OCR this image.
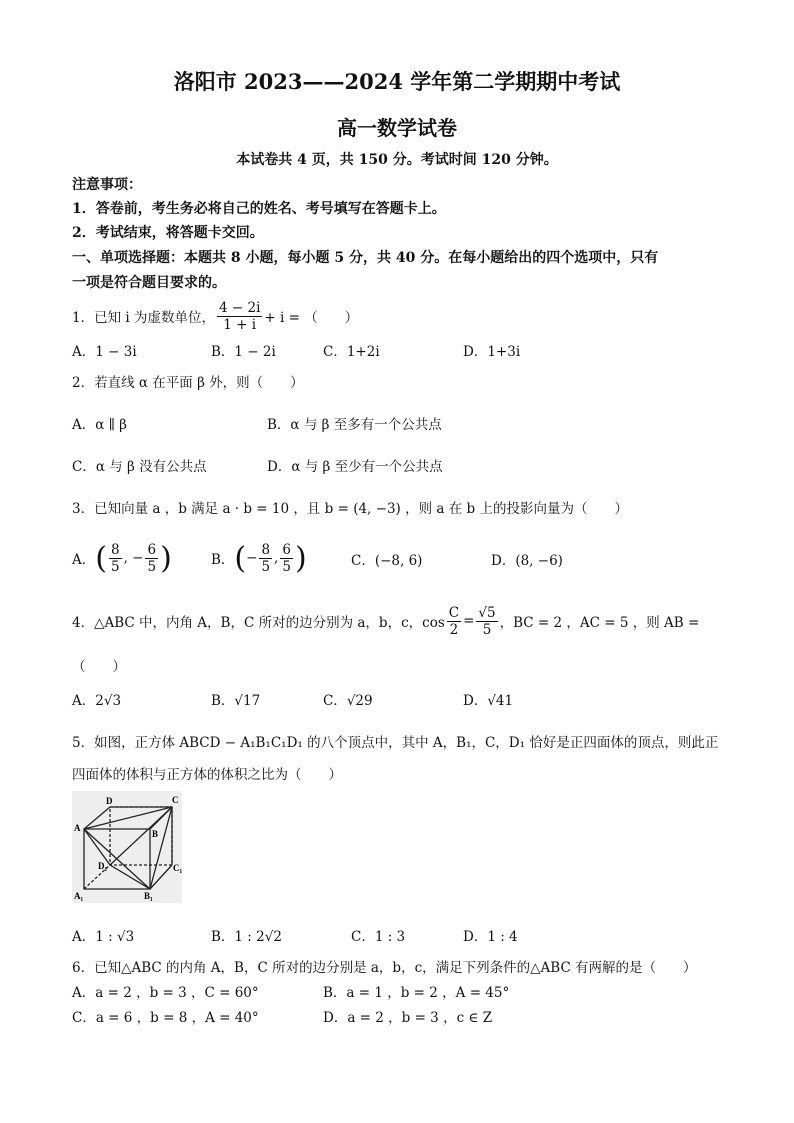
洛阳市 2023——2024 学年第二学期期中考试
高一数学试卷
本试卷共 4 页，共 150 分。考试时间 120 分钟。
注意事项：
1．答卷前，考生务必将自己的姓名、考号填写在答题卡上。
2．考试结束，将答题卡交回。
一、单项选择题：本题共 8 小题，每小题 5 分，共 40 分。在每小题给出的四个选项中，只有
一项是符合题目要求的。
1．已知 i 为虚数单位， $\frac{4 - 2i}{1 + i} + i$ = （　　）
A．1 − 3i	B．1 − 2i	C．1+2i	D．1+3i
2．若直线 α 在平面 β 外，则（　　）
A．α ∥ β	B．α 与 β 至多有一个公共点
C．α 与 β 没有公共点	D．α 与 β 至少有一个公共点
3．已知向量 a ，b 满足 a · b = 10 ，且 b = (4, −3) ，则 a 在 b 上的投影向量为（　　）
A． ( $\frac{8}{5}$ , − $\frac{6}{5}$ )	B． ( − $\frac{8}{5}$ , $\frac{6}{5}$ )	C．(−8, 6)	D．(8, −6)
4．△ABC 中，内角 A，B，C 所对的边分别为 a，b，c，$\cos \frac{C}{2} = \frac{√5}{5}$ ，BC = 2 ，AC = 5 ，则 AB =
（　　）
A．2√3	B．√17	C．√29	D．√41
5．如图，正方体 ABCD − A₁B₁C₁D₁ 的八个顶点中，其中 A，B₁，C，D₁ 恰好是正四面体的顶点，则此正
四面体的体积与正方体的体积之比为（　　）
D	C
A
B
D₁	C₁
A₁	B₁
A．1 : √3	B．1 : 2√2	C．1 : 3	D．1 : 4
6．已知△ABC 的内角 A，B，C 所对的边分别是 a，b，c，满足下列条件的△ABC 有两解的是（　　）
A．a = 2 ，b = 3 ，C = 60°	B．a = 1 ，b = 2 ，A = 45°
C．a = 6 ，b = 8 ，A = 40°	D．a = 2 ，b = 3 ，c ∈ Z
